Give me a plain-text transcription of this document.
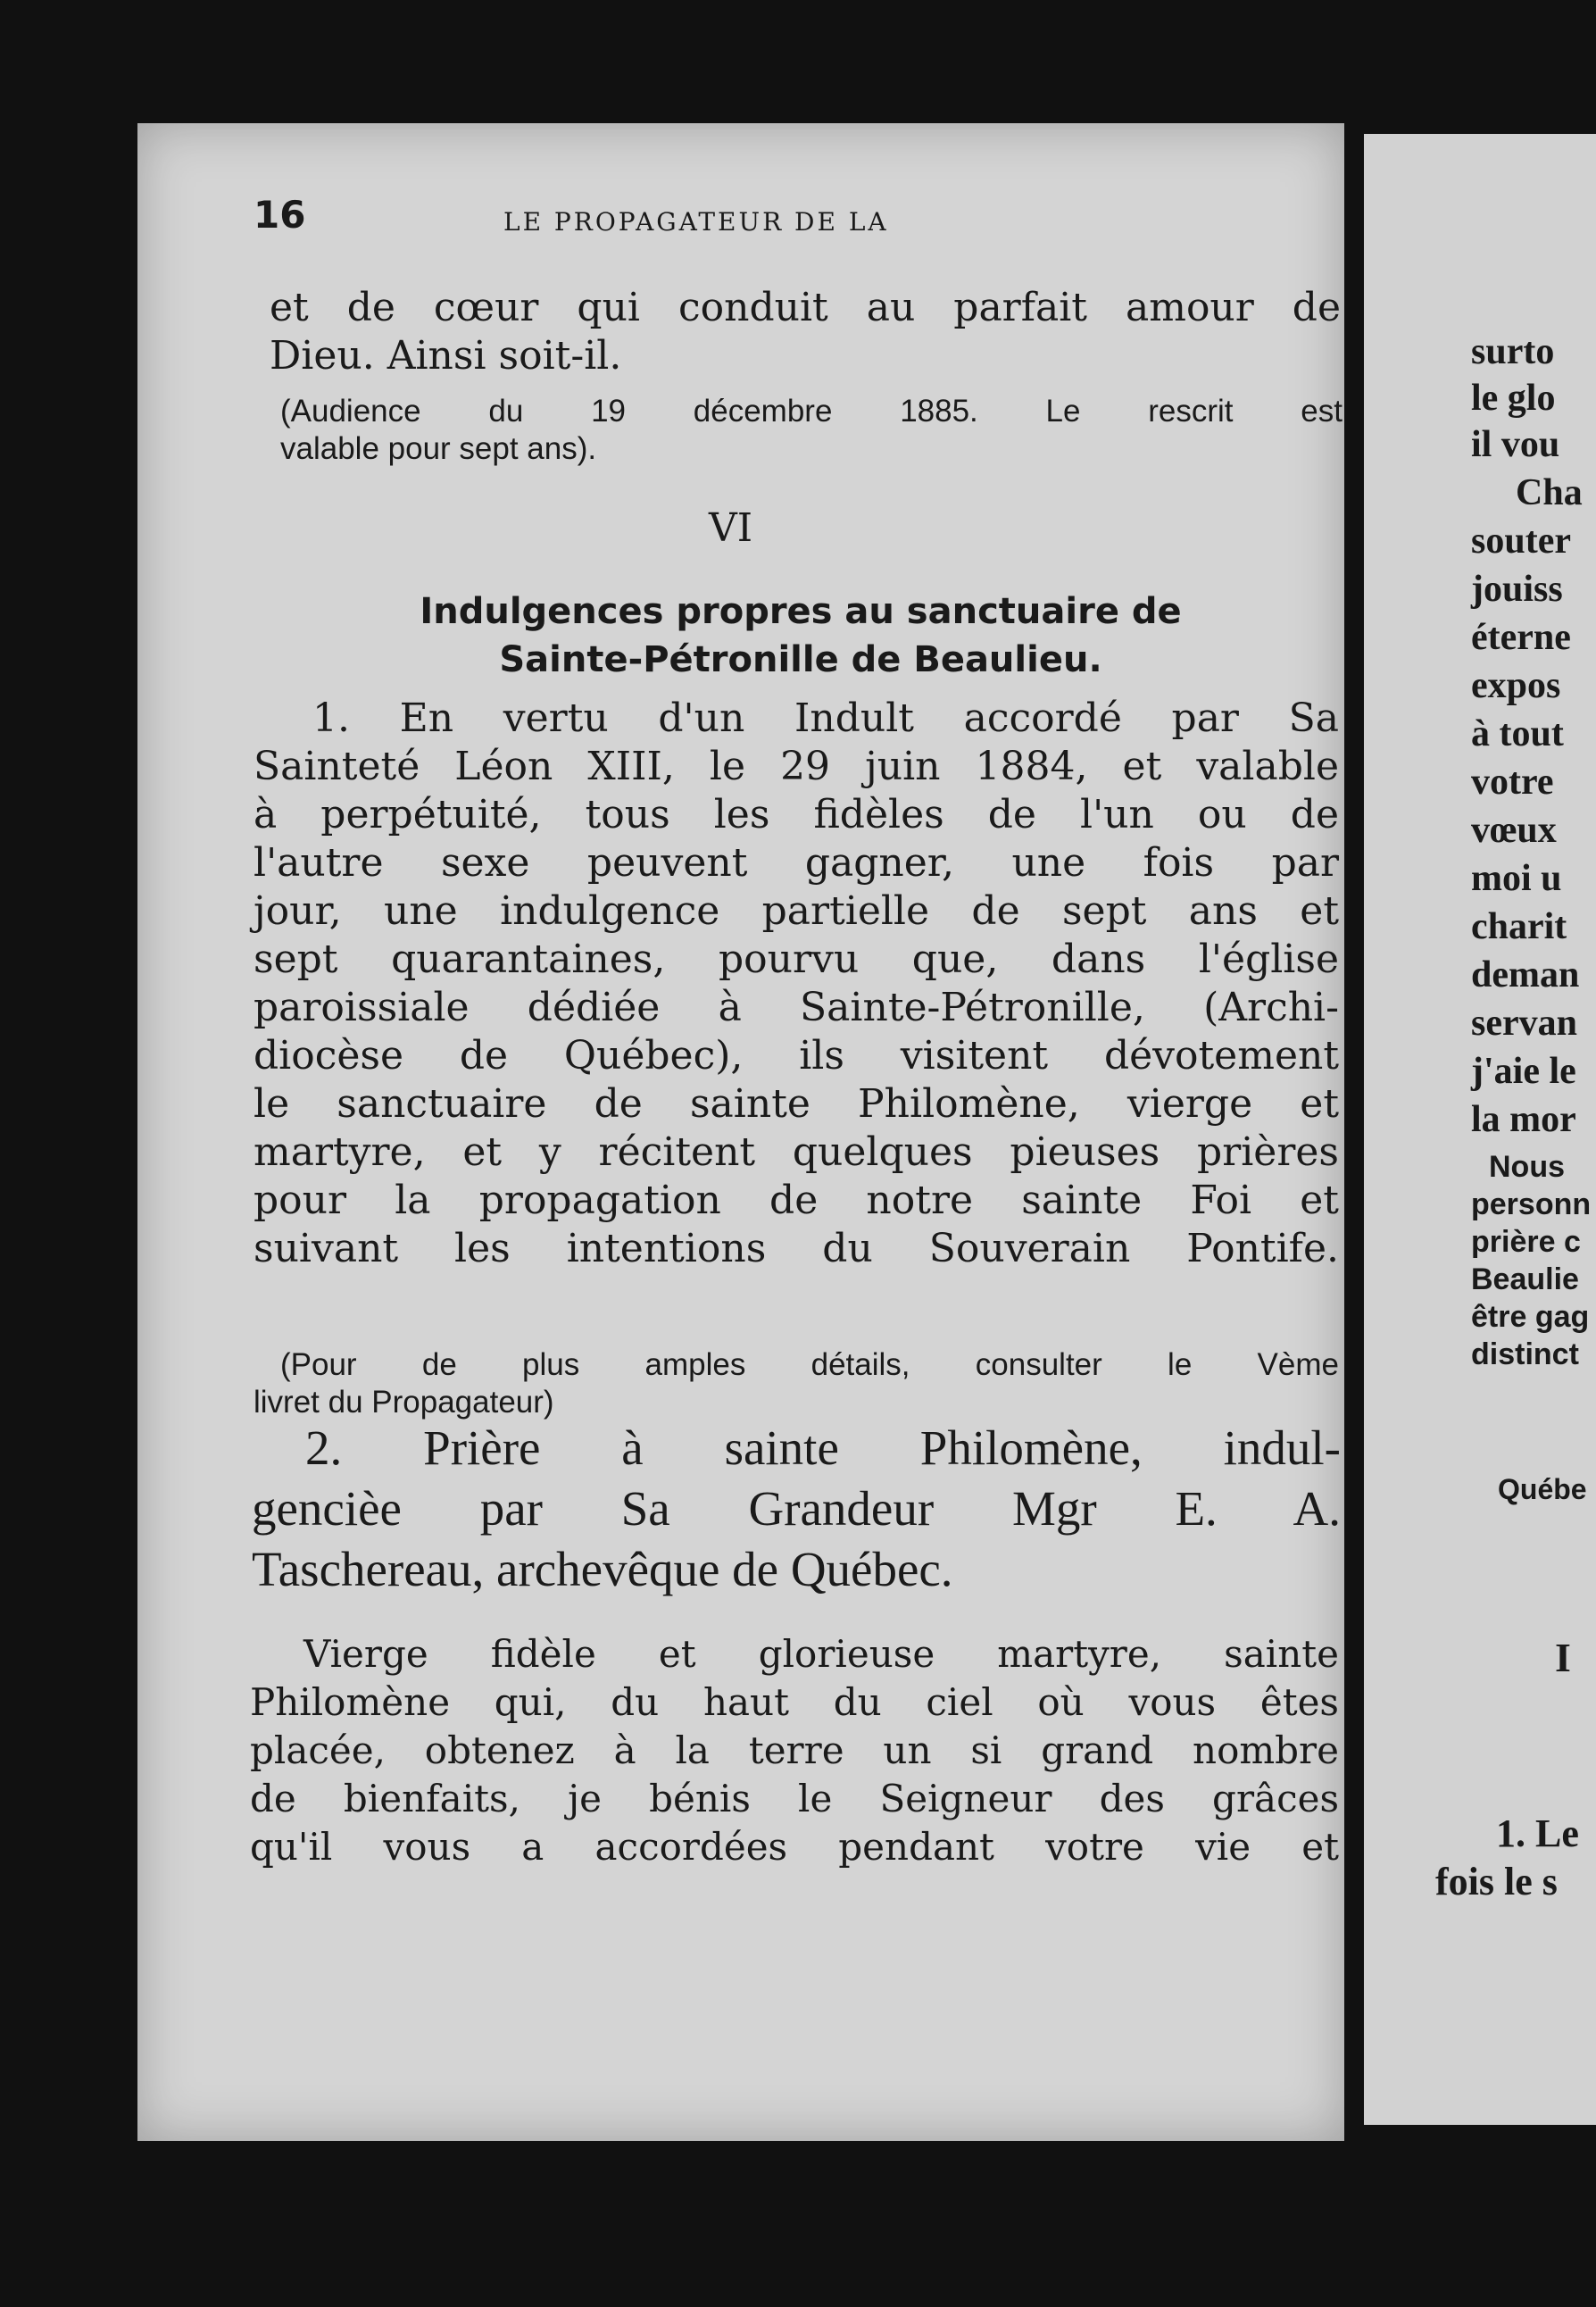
16	LE PROPAGATEUR DE LA
et de cœur qui conduit au parfait amour de
Dieu. Ainsi soit-il.
(Audience du 19 décembre 1885. Le rescrit est
valable pour sept ans).
VI
Indulgences propres au sanctuaire de
Sainte-Pétronille de Beaulieu.
1. En vertu d'un Indult accordé par Sa
Sainteté Léon XIII, le 29 juin 1884, et valable
à perpétuité, tous les fidèles de l'un ou de
l'autre sexe peuvent gagner, une fois par
jour, une indulgence partielle de sept ans et
sept quarantaines, pourvu que, dans l'église
paroissiale dédiée à Sainte-Pétronille, (Archi-
diocèse de Québec), ils visitent dévotement
le sanctuaire de sainte Philomène, vierge et
martyre, et y récitent quelques pieuses prières
pour la propagation de notre sainte Foi et
suivant les intentions du Souverain Pontife.
(Pour de plus amples détails, consulter le Vème
livret du Propagateur)
2. Prière à sainte Philomène, indul-
gencièe par Sa Grandeur Mgr E. A.
Taschereau, archevêque de Québec.
Vierge fidèle et glorieuse martyre, sainte
Philomène qui, du haut du ciel où vous êtes
placée, obtenez à la terre un si grand nombre
de bienfaits, je bénis le Seigneur des grâces
qu'il vous a accordées pendant votre vie et
surto
le glo
il vou
Cha
souter
jouiss
éterne
expos
à tout
votre
vœux
moi u
charit
deman
servan
j'aie le
la mor
Nous
personn
prière c
Beaulie
être gag
distinct
Québe
I
1. Le
fois le s
